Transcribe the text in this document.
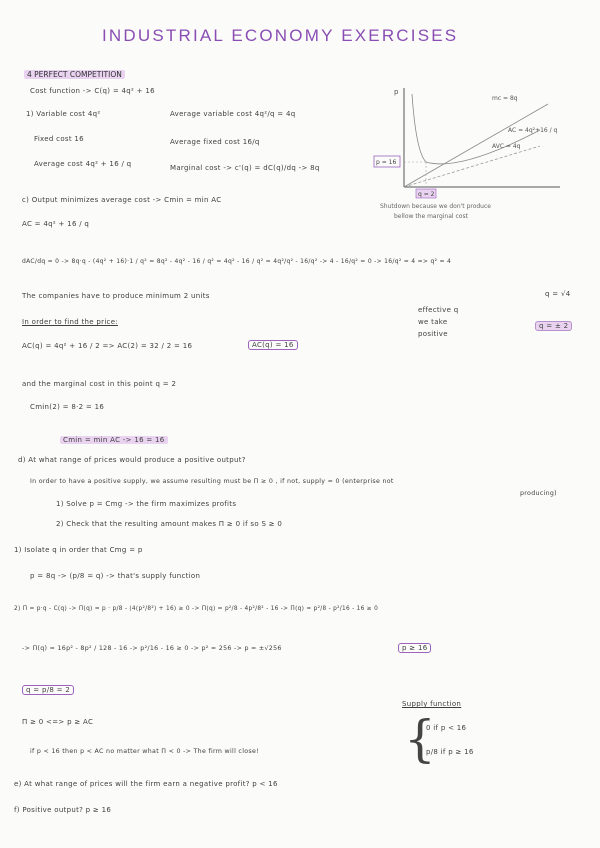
INDUSTRIAL ECONOMY EXERCISES
4 PERFECT COMPETITION
Cost function -> C(q) = 4q² + 16
1) Variable cost 4q²	Average variable cost 4q²/q = 4q
Fixed cost 16	Average fixed cost 16/q
Average cost 4q² + 16 / q	Marginal cost -> c'(q) = dC(q)/dq -> 8q
p
mc = 8q
AC = 4q²+16 / q
AVC = 4q
p = 16
q = 2
Shutdown because we don't produce
bellow the marginal cost
c) Output minimizes average cost -> Cmin = min AC
AC = 4q² + 16 / q
dAC/dq = 0 -> 8q·q - (4q² + 16)·1 / q² = 8q² - 4q² - 16 / q² = 4q² - 16 / q² = 4q²/q² - 16/q² -> 4 - 16/q² = 0 -> 16/q² = 4 => q² = 4
q = √4
q = ± 2
effective q
we take
positive
The companies have to produce minimum 2 units
In order to find the price:
AC(q) = 4q² + 16 / 2 => AC(2) = 32 / 2 = 16	AC(q) = 16
and the marginal cost in this point q = 2
Cmin(2) = 8·2 = 16
Cmin = min AC -> 16 = 16
d) At what range of prices would produce a positive output?
In order to have a positive supply, we assume resulting must be Π ≥ 0 , if not, supply = 0 (enterprise not
producing)
1) Solve p = Cmg -> the firm maximizes profits
2) Check that the resulting amount makes Π ≥ 0 if so S ≥ 0
1) Isolate q in order that Cmg = p
p = 8q -> (p/8 = q) -> that's supply function
2) Π = p·q - C(q) -> Π(q) = p · p/8 - (4(p²/8²) + 16) ≥ 0 -> Π(q) = p²/8 - 4p²/8² - 16 -> Π(q) = p²/8 - p²/16 - 16 ≥ 0
-> Π(q) = 16p² - 8p² / 128 - 16 -> p²/16 - 16 ≥ 0 -> p² = 256 -> p = ±√256	p ≥ 16
q = p/8 = 2
Supply function
{
0 if p < 16
p/8 if p ≥ 16
Π ≥ 0 <=> p ≥ AC
if p < 16 then p < AC no matter what Π < 0 -> The firm will close!
e) At what range of prices will the firm earn a negative profit? p < 16
f) Positive output? p ≥ 16
